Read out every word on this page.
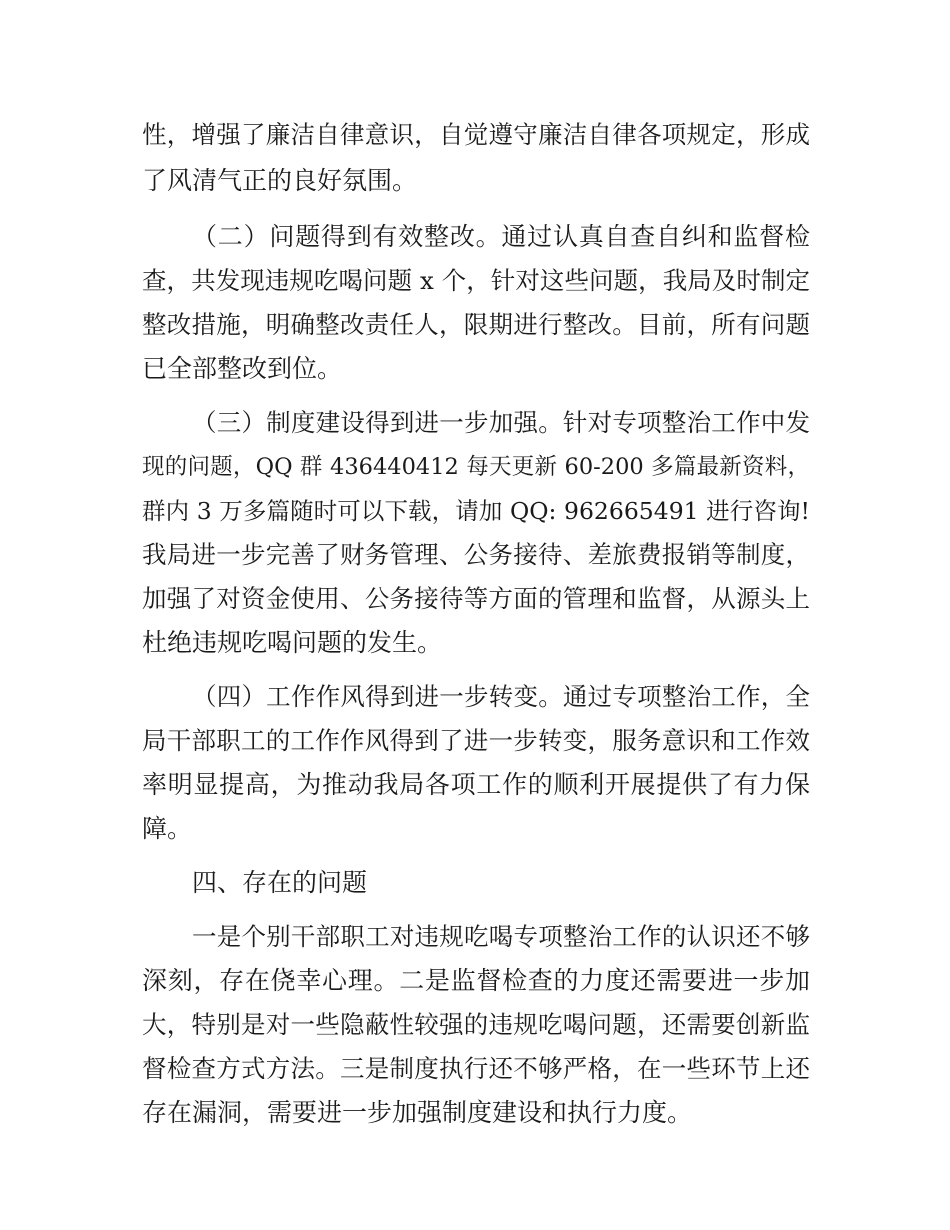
性，增强了廉洁自律意识，自觉遵守廉洁自律各项规定，形成

了风清气正的良好氛围。

（二）问题得到有效整改。通过认真自查自纠和监督检

查，共发现违规吃喝问题 x 个，针对这些问题，我局及时制定

整改措施，明确整改责任人，限期进行整改。目前，所有问题

已全部整改到位。

（三）制度建设得到进一步加强。针对专项整治工作中发

现的问题，QQ 群 436440412 每天更新 60-200 多篇最新资料，

群内 3 万多篇随时可以下载，请加 QQ: 962665491 进行咨询!

我局进一步完善了财务管理、公务接待、差旅费报销等制度，

加强了对资金使用、公务接待等方面的管理和监督，从源头上

杜绝违规吃喝问题的发生。

（四）工作作风得到进一步转变。通过专项整治工作，全

局干部职工的工作作风得到了进一步转变，服务意识和工作效

率明显提高，为推动我局各项工作的顺利开展提供了有力保

障。

四、存在的问题

一是个别干部职工对违规吃喝专项整治工作的认识还不够

深刻，存在侥幸心理。二是监督检查的力度还需要进一步加

大，特别是对一些隐蔽性较强的违规吃喝问题，还需要创新监

督检查方式方法。三是制度执行还不够严格，在一些环节上还

存在漏洞，需要进一步加强制度建设和执行力度。
